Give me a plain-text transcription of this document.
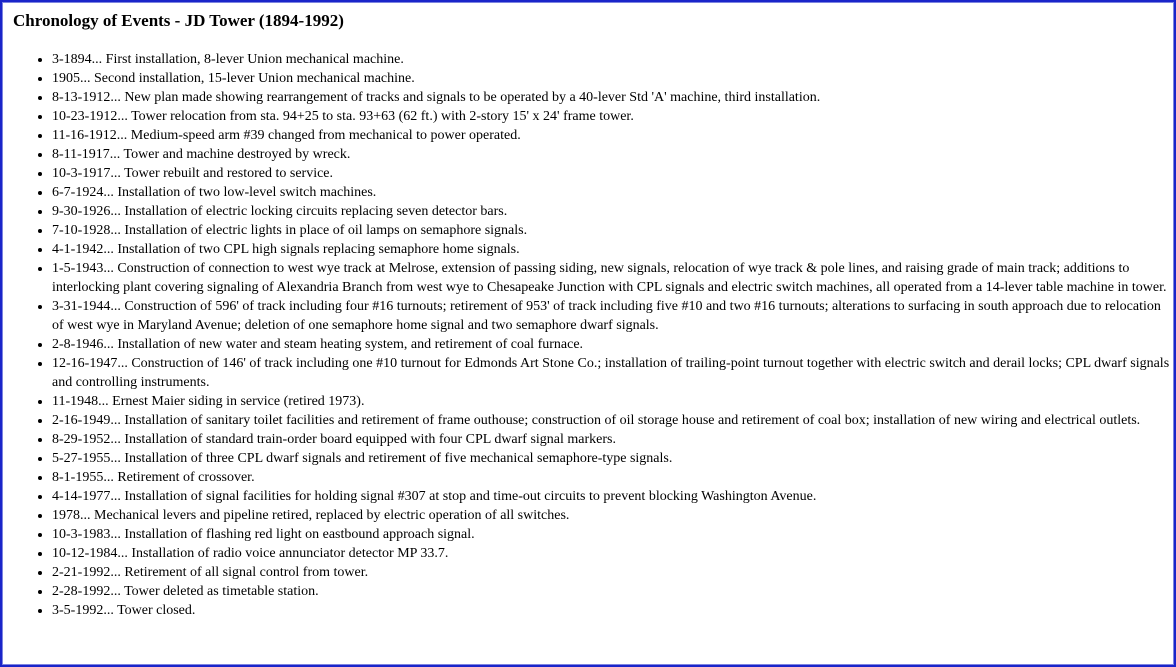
Chronology of Events - JD Tower (1894-1992)
• 3-1894... First installation, 8-lever Union mechanical machine.
• 1905... Second installation, 15-lever Union mechanical machine.
• 8-13-1912... New plan made showing rearrangement of tracks and signals to be operated by a 40-lever Std 'A' machine, third installation.
• 10-23-1912... Tower relocation from sta. 94+25 to sta. 93+63 (62 ft.) with 2-story 15' x 24' frame tower.
• 11-16-1912... Medium-speed arm #39 changed from mechanical to power operated.
• 8-11-1917... Tower and machine destroyed by wreck.
• 10-3-1917... Tower rebuilt and restored to service.
• 6-7-1924... Installation of two low-level switch machines.
• 9-30-1926... Installation of electric locking circuits replacing seven detector bars.
• 7-10-1928... Installation of electric lights in place of oil lamps on semaphore signals.
• 4-1-1942... Installation of two CPL high signals replacing semaphore home signals.
• 1-5-1943... Construction of connection to west wye track at Melrose, extension of passing siding, new signals, relocation of wye track & pole lines, and raising grade of main track; additions to interlocking plant covering signaling of Alexandria Branch from west wye to Chesapeake Junction with CPL signals and electric switch machines, all operated from a 14-lever table machine in tower.
• 3-31-1944... Construction of 596' of track including four #16 turnouts; retirement of 953' of track including five #10 and two #16 turnouts; alterations to surfacing in south approach due to relocation of west wye in Maryland Avenue; deletion of one semaphore home signal and two semaphore dwarf signals.
• 2-8-1946... Installation of new water and steam heating system, and retirement of coal furnace.
• 12-16-1947... Construction of 146' of track including one #10 turnout for Edmonds Art Stone Co.; installation of trailing-point turnout together with electric switch and derail locks; CPL dwarf signals and controlling instruments.
• 11-1948... Ernest Maier siding in service (retired 1973).
• 2-16-1949... Installation of sanitary toilet facilities and retirement of frame outhouse; construction of oil storage house and retirement of coal box; installation of new wiring and electrical outlets.
• 8-29-1952... Installation of standard train-order board equipped with four CPL dwarf signal markers.
• 5-27-1955... Installation of three CPL dwarf signals and retirement of five mechanical semaphore-type signals.
• 8-1-1955... Retirement of crossover.
• 4-14-1977... Installation of signal facilities for holding signal #307 at stop and time-out circuits to prevent blocking Washington Avenue.
• 1978... Mechanical levers and pipeline retired, replaced by electric operation of all switches.
• 10-3-1983... Installation of flashing red light on eastbound approach signal.
• 10-12-1984... Installation of radio voice annunciator detector MP 33.7.
• 2-21-1992... Retirement of all signal control from tower.
• 2-28-1992... Tower deleted as timetable station.
• 3-5-1992... Tower closed.
